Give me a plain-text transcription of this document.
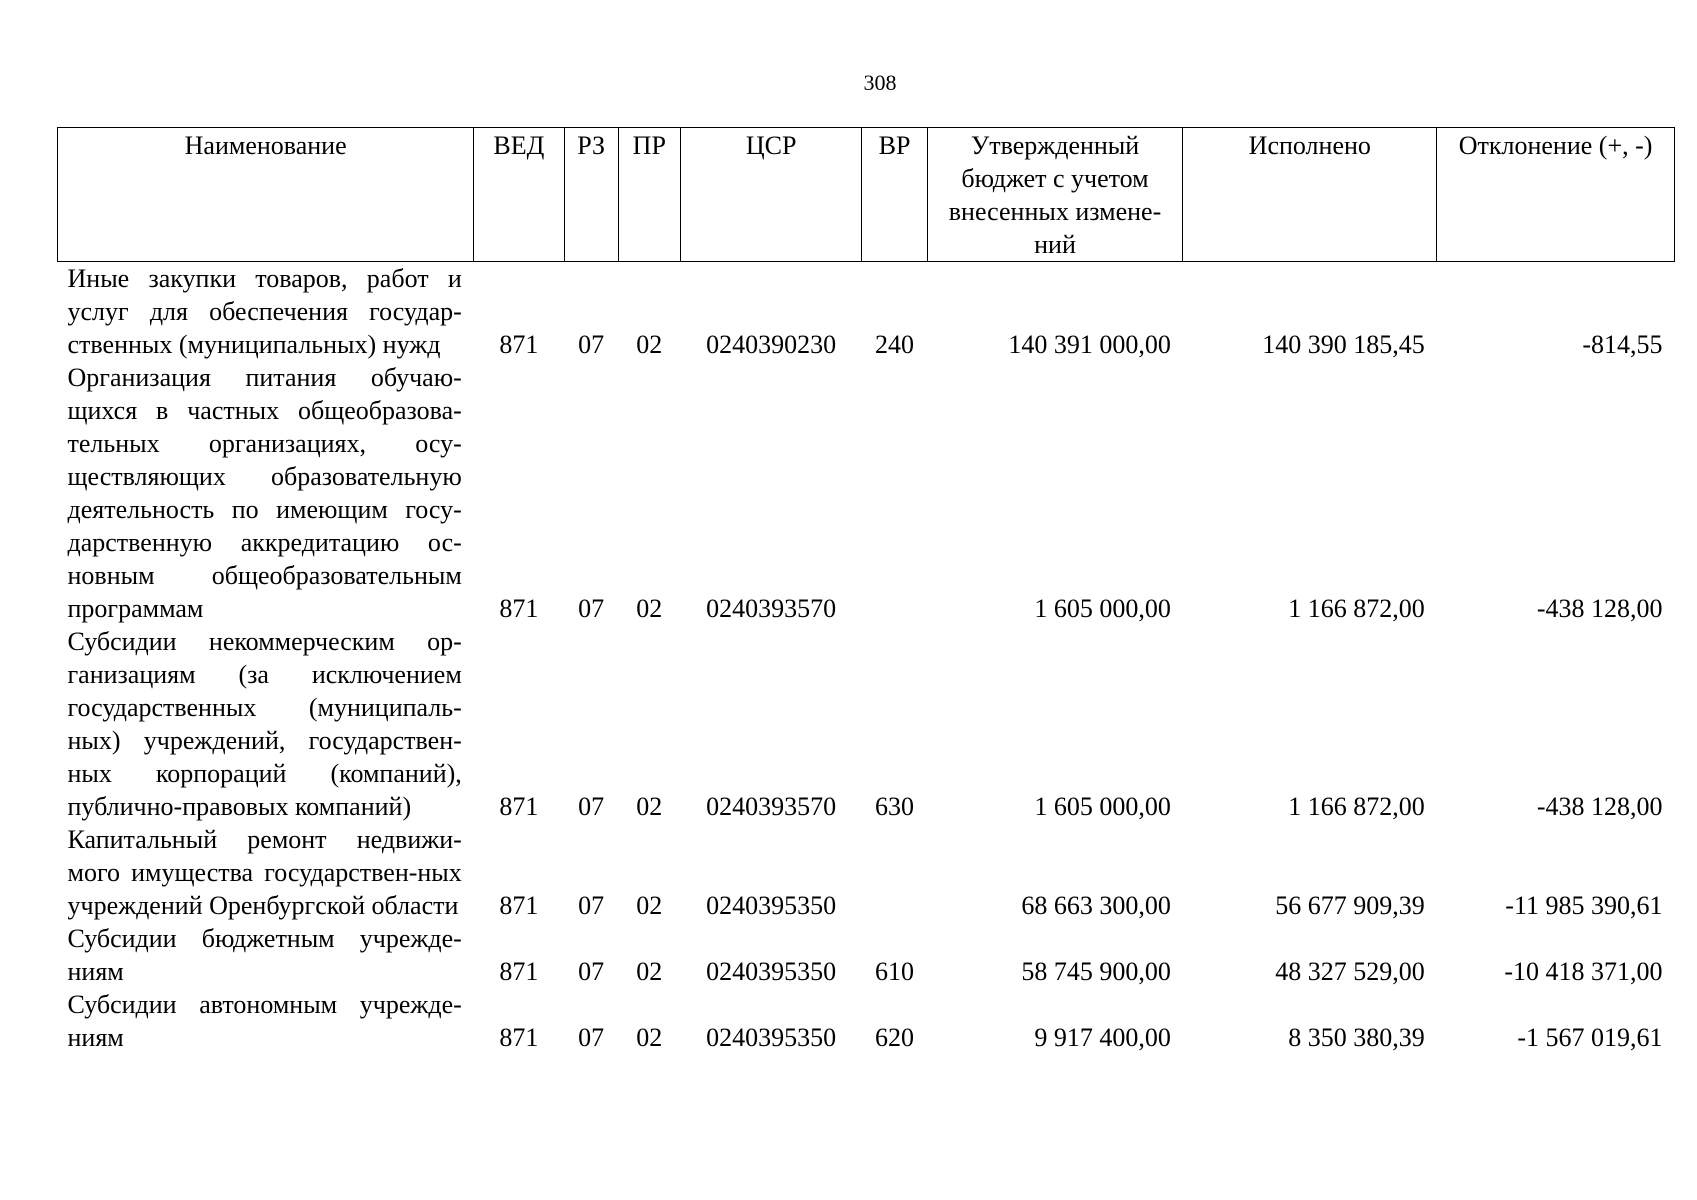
308
Наименование	ВЕД	РЗ	ПР	ЦСР	ВР	Утвержденный бюджет с учетом внесенных измене-ний	Исполнено	Отклонение (+, -)
Иные закупки товаров, работ и услуг для обеспечения государ-ственных (муниципальных) нужд	871	07	02	0240390230	240	140 391 000,00	140 390 185,45	-814,55
Организация питания обучаю-щихся в частных общеобразова-тельных организациях, осу-ществляющих образовательную деятельность по имеющим госу-дарственную аккредитацию ос-новным общеобразовательным программам	871	07	02	0240393570		1 605 000,00	1 166 872,00	-438 128,00
Субсидии некоммерческим ор-ганизациям (за исключением государственных (муниципаль-ных) учреждений, государствен-ных корпораций (компаний), публично-правовых компаний)	871	07	02	0240393570	630	1 605 000,00	1 166 872,00	-438 128,00
Капитальный ремонт недвижи-мого имущества государствен-ных учреждений Оренбургской области	871	07	02	0240395350		68 663 300,00	56 677 909,39	-11 985 390,61
Субсидии бюджетным учрежде-ниям	871	07	02	0240395350	610	58 745 900,00	48 327 529,00	-10 418 371,00
Субсидии автономным учрежде-ниям	871	07	02	0240395350	620	9 917 400,00	8 350 380,39	-1 567 019,61
